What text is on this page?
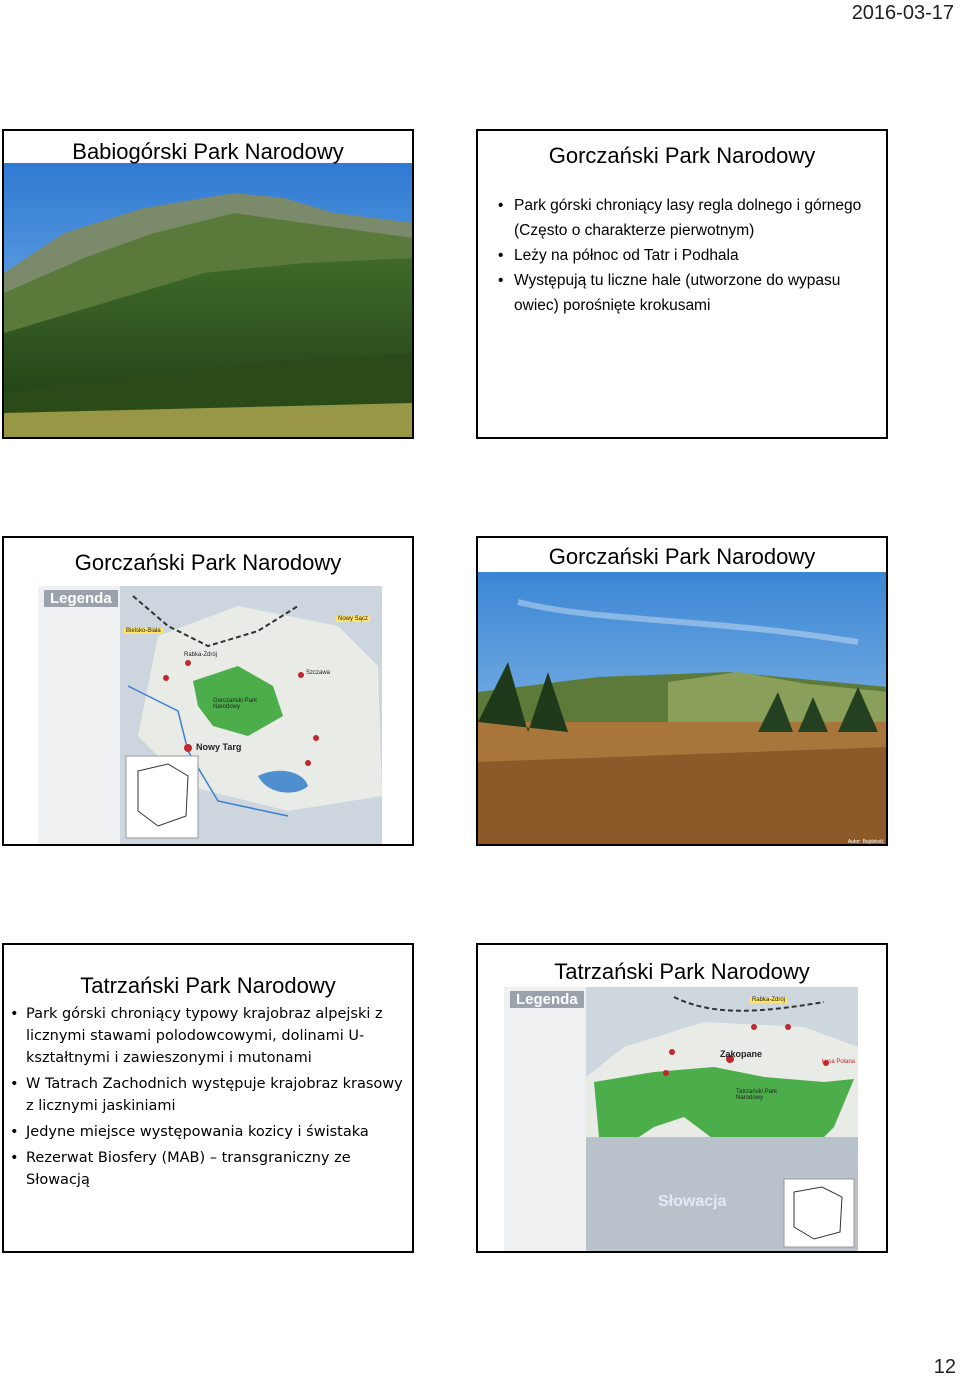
2016-03-17
Babiogórski Park Narodowy	Gorczański Park Narodowy
• Park górski chroniący lasy regla dolnego i górnego (Często o charakterze pierwotnym)
• Leży na północ od Tatr i Podhala
• Występują tu liczne hale (utworzone do wypasu owiec) porośnięte krokusami
Gorczański Park Narodowy
Legenda
Nowy Targ
Gorczański Park Narodowy
Nowy Sącz
Bielsko-Biała
Rabka-Zdrój
Szczawa
Autor: Bajdzłość
Gorczański Park Narodowy
Tatrzański Park Narodowy
• Park górski chroniący typowy krajobraz alpejski z licznymi stawami polodowcowymi, dolinami U-kształtnymi i zawieszonymi i mutonami
• W Tatrach Zachodnich występuje krajobraz krasowy z licznymi jaskiniami
• Jedyne miejsce występowania kozicy i świstaka
• Rezerwat Biosfery (MAB) – transgraniczny ze Słowacją
Tatrzański Park Narodowy
Legenda
Zakopane
Rabka-Zdrój
Tatrzański Park Narodowy
Słowacja
Łysa Polana
12
